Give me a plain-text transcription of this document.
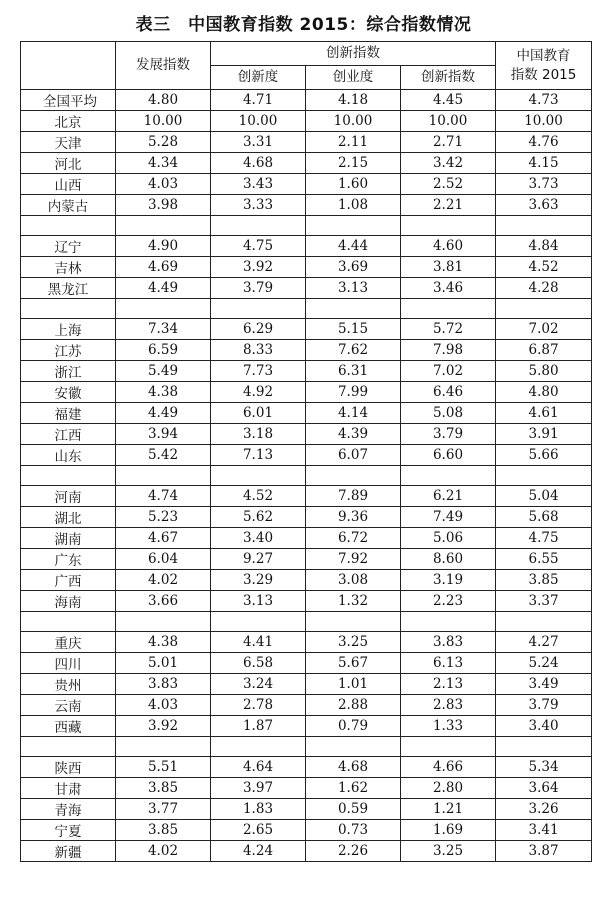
表三　中国教育指数 2015：综合指数情况
	发展指数	创新指数			中国教育
指数 2015

		创新度	创业度	创新指数	
全国平均	4.80	4.71	4.18	4.45	4.73
北京	10.00	10.00	10.00	10.00	10.00
天津	5.28	3.31	2.11	2.71	4.76
河北	4.34	4.68	2.15	3.42	4.15
山西	4.03	3.43	1.60	2.52	3.73
内蒙古	3.98	3.33	1.08	2.21	3.63

辽宁	4.90	4.75	4.44	4.60	4.84
吉林	4.69	3.92	3.69	3.81	4.52
黑龙江	4.49	3.79	3.13	3.46	4.28

上海	7.34	6.29	5.15	5.72	7.02
江苏	6.59	8.33	7.62	7.98	6.87
浙江	5.49	7.73	6.31	7.02	5.80
安徽	4.38	4.92	7.99	6.46	4.80
福建	4.49	6.01	4.14	5.08	4.61
江西	3.94	3.18	4.39	3.79	3.91
山东	5.42	7.13	6.07	6.60	5.66

河南	4.74	4.52	7.89	6.21	5.04
湖北	5.23	5.62	9.36	7.49	5.68
湖南	4.67	3.40	6.72	5.06	4.75
广东	6.04	9.27	7.92	8.60	6.55
广西	4.02	3.29	3.08	3.19	3.85
海南	3.66	3.13	1.32	2.23	3.37

重庆	4.38	4.41	3.25	3.83	4.27
四川	5.01	6.58	5.67	6.13	5.24
贵州	3.83	3.24	1.01	2.13	3.49
云南	4.03	2.78	2.88	2.83	3.79
西藏	3.92	1.87	0.79	1.33	3.40

陕西	5.51	4.64	4.68	4.66	5.34
甘肃	3.85	3.97	1.62	2.80	3.64
青海	3.77	1.83	0.59	1.21	3.26
宁夏	3.85	2.65	0.73	1.69	3.41
新疆	4.02	4.24	2.26	3.25	3.87
